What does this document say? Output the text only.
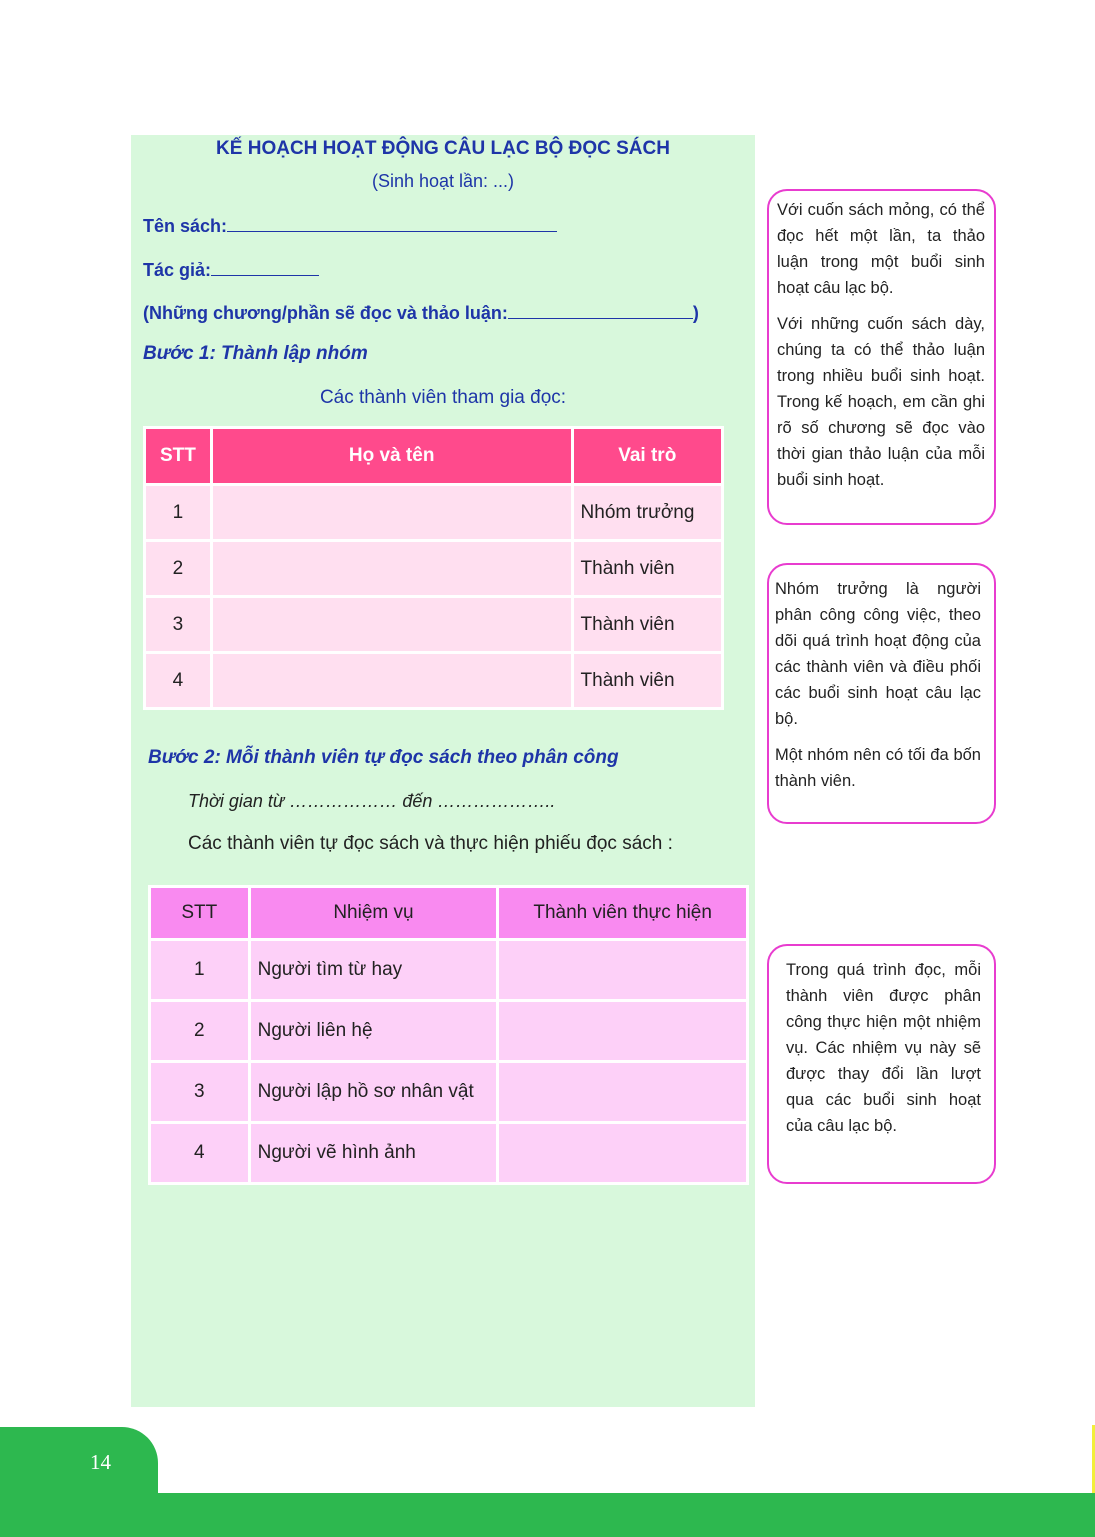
KẾ HOẠCH HOẠT ĐỘNG CÂU LẠC BỘ ĐỌC SÁCH
(Sinh hoạt lần: ...)
Tên sách:
Tác giả:
(Những chương/phần sẽ đọc và thảo luận:	)
Bước 1: Thành lập nhóm
Các thành viên tham gia đọc:
STT	Họ và tên	Vai trò
1		Nhóm trưởng
2		Thành viên
3		Thành viên
4		Thành viên
Bước 2: Mỗi thành viên tự đọc sách theo phân công
Thời gian từ ……………… đến ………………..
Các thành viên tự đọc sách và thực hiện phiếu đọc sách :
STT	Nhiệm vụ	Thành viên thực hiện
1	Người tìm từ hay	
2	Người liên hệ	
3	Người lập hồ sơ nhân vật	
4	Người vẽ hình ảnh	

Với cuốn sách mỏng, có thể đọc hết một lần, ta thảo luận trong một buổi sinh hoạt câu lạc bộ.

Với những cuốn sách dày, chúng ta có thể thảo luận trong nhiều buổi sinh hoạt. Trong kế hoạch, em cần ghi rõ số chương sẽ đọc vào thời gian thảo luận của mỗi buổi sinh hoạt.

Nhóm trưởng là người phân công công việc, theo dõi quá trình hoạt động của các thành viên và điều phối các buổi sinh hoạt câu lạc bộ.

Một nhóm nên có tối đa bốn thành viên.

Trong quá trình đọc, mỗi thành viên được phân công thực hiện một nhiệm vụ. Các nhiệm vụ này sẽ được thay đổi lần lượt qua các buổi sinh hoạt của câu lạc bộ.

14
